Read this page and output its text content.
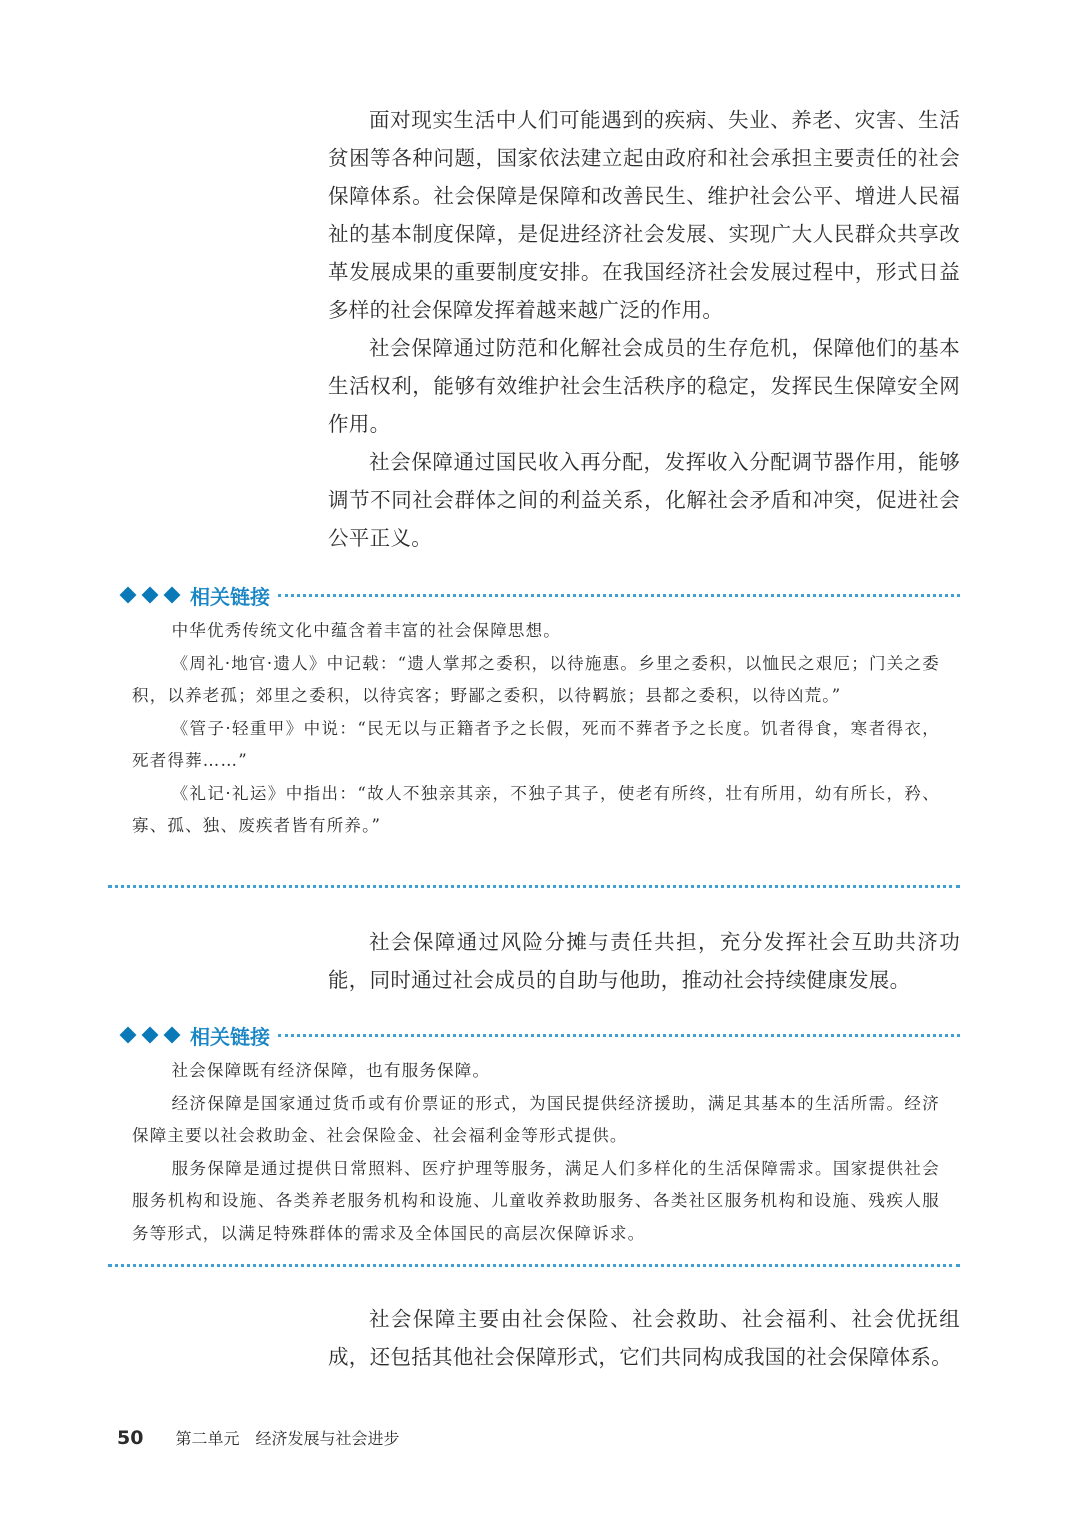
面对现实生活中人们可能遇到的疾病、失业、养老、灾害、生活贫困等各种问题，国家依法建立起由政府和社会承担主要责任的社会保障体系。社会保障是保障和改善民生、维护社会公平、增进人民福祉的基本制度保障，是促进经济社会发展、实现广大人民群众共享改革发展成果的重要制度安排。在我国经济社会发展过程中，形式日益多样的社会保障发挥着越来越广泛的作用。

社会保障通过防范和化解社会成员的生存危机，保障他们的基本生活权利，能够有效维护社会生活秩序的稳定，发挥民生保障安全网作用。

社会保障通过国民收入再分配，发挥收入分配调节器作用，能够调节不同社会群体之间的利益关系，化解社会矛盾和冲突，促进社会公平正义。

相关链接

中华优秀传统文化中蕴含着丰富的社会保障思想。

《周礼·地官·遗人》中记载：“遗人掌邦之委积，以待施惠。乡里之委积，以恤民之艰厄；门关之委积，以养老孤；郊里之委积，以待宾客；野鄙之委积，以待羁旅；县都之委积，以待凶荒。”

《管子·轻重甲》中说：“民无以与正籍者予之长假，死而不葬者予之长度。饥者得食，寒者得衣，死者得葬……”

《礼记·礼运》中指出：“故人不独亲其亲，不独子其子，使老有所终，壮有所用，幼有所长，矜、寡、孤、独、废疾者皆有所养。”

社会保障通过风险分摊与责任共担，充分发挥社会互助共济功能，同时通过社会成员的自助与他助，推动社会持续健康发展。

相关链接

社会保障既有经济保障，也有服务保障。

经济保障是国家通过货币或有价票证的形式，为国民提供经济援助，满足其基本的生活所需。经济保障主要以社会救助金、社会保险金、社会福利金等形式提供。

服务保障是通过提供日常照料、医疗护理等服务，满足人们多样化的生活保障需求。国家提供社会服务机构和设施、各类养老服务机构和设施、儿童收养救助服务、各类社区服务机构和设施、残疾人服务等形式，以满足特殊群体的需求及全体国民的高层次保障诉求。

社会保障主要由社会保险、社会救助、社会福利、社会优抚组成，还包括其他社会保障形式，它们共同构成我国的社会保障体系。

50 第二单元 经济发展与社会进步
